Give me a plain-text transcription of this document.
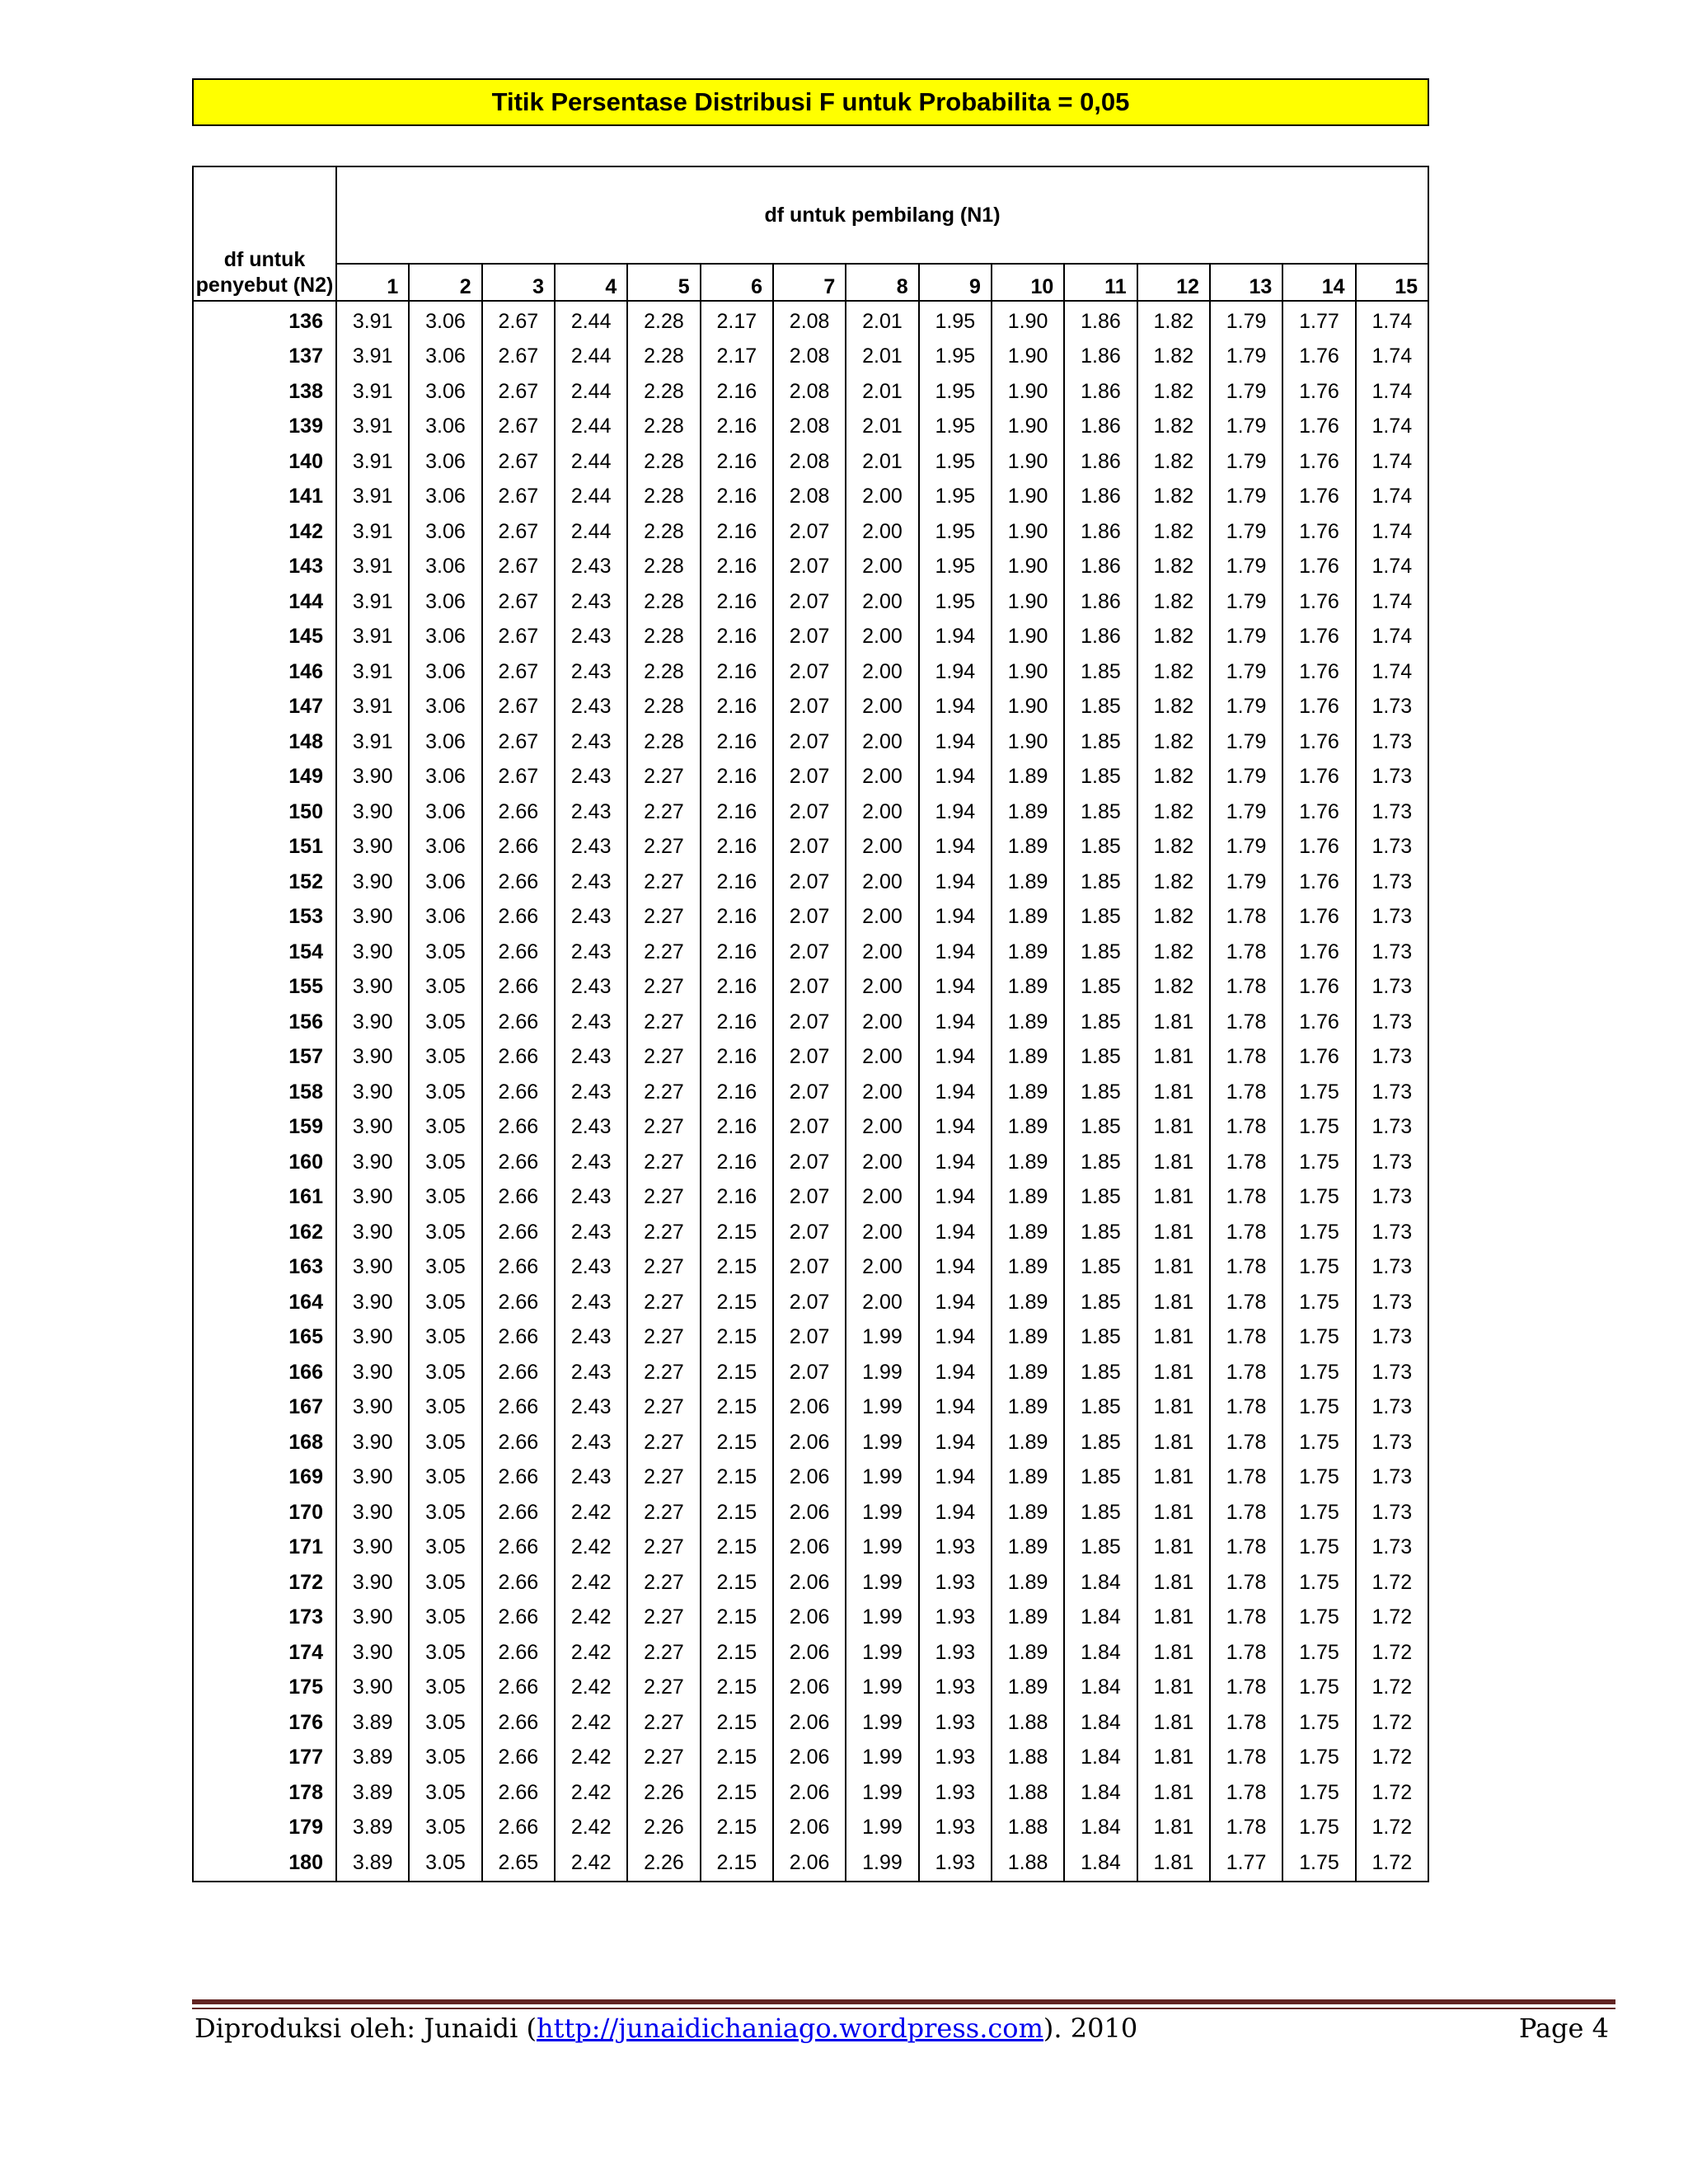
Titik Persentase Distribusi F untuk Probabilita = 0,05
df untuk penyebut (N2)	df untuk pembilang (N1)														
	1	2	3	4	5	6	7	8	9	10	11	12	13	14	15
136	3.91	3.06	2.67	2.44	2.28	2.17	2.08	2.01	1.95	1.90	1.86	1.82	1.79	1.77	1.74
137	3.91	3.06	2.67	2.44	2.28	2.17	2.08	2.01	1.95	1.90	1.86	1.82	1.79	1.76	1.74
138	3.91	3.06	2.67	2.44	2.28	2.16	2.08	2.01	1.95	1.90	1.86	1.82	1.79	1.76	1.74
139	3.91	3.06	2.67	2.44	2.28	2.16	2.08	2.01	1.95	1.90	1.86	1.82	1.79	1.76	1.74
140	3.91	3.06	2.67	2.44	2.28	2.16	2.08	2.01	1.95	1.90	1.86	1.82	1.79	1.76	1.74
141	3.91	3.06	2.67	2.44	2.28	2.16	2.08	2.00	1.95	1.90	1.86	1.82	1.79	1.76	1.74
142	3.91	3.06	2.67	2.44	2.28	2.16	2.07	2.00	1.95	1.90	1.86	1.82	1.79	1.76	1.74
143	3.91	3.06	2.67	2.43	2.28	2.16	2.07	2.00	1.95	1.90	1.86	1.82	1.79	1.76	1.74
144	3.91	3.06	2.67	2.43	2.28	2.16	2.07	2.00	1.95	1.90	1.86	1.82	1.79	1.76	1.74
145	3.91	3.06	2.67	2.43	2.28	2.16	2.07	2.00	1.94	1.90	1.86	1.82	1.79	1.76	1.74
146	3.91	3.06	2.67	2.43	2.28	2.16	2.07	2.00	1.94	1.90	1.85	1.82	1.79	1.76	1.74
147	3.91	3.06	2.67	2.43	2.28	2.16	2.07	2.00	1.94	1.90	1.85	1.82	1.79	1.76	1.73
148	3.91	3.06	2.67	2.43	2.28	2.16	2.07	2.00	1.94	1.90	1.85	1.82	1.79	1.76	1.73
149	3.90	3.06	2.67	2.43	2.27	2.16	2.07	2.00	1.94	1.89	1.85	1.82	1.79	1.76	1.73
150	3.90	3.06	2.66	2.43	2.27	2.16	2.07	2.00	1.94	1.89	1.85	1.82	1.79	1.76	1.73
151	3.90	3.06	2.66	2.43	2.27	2.16	2.07	2.00	1.94	1.89	1.85	1.82	1.79	1.76	1.73
152	3.90	3.06	2.66	2.43	2.27	2.16	2.07	2.00	1.94	1.89	1.85	1.82	1.79	1.76	1.73
153	3.90	3.06	2.66	2.43	2.27	2.16	2.07	2.00	1.94	1.89	1.85	1.82	1.78	1.76	1.73
154	3.90	3.05	2.66	2.43	2.27	2.16	2.07	2.00	1.94	1.89	1.85	1.82	1.78	1.76	1.73
155	3.90	3.05	2.66	2.43	2.27	2.16	2.07	2.00	1.94	1.89	1.85	1.82	1.78	1.76	1.73
156	3.90	3.05	2.66	2.43	2.27	2.16	2.07	2.00	1.94	1.89	1.85	1.81	1.78	1.76	1.73
157	3.90	3.05	2.66	2.43	2.27	2.16	2.07	2.00	1.94	1.89	1.85	1.81	1.78	1.76	1.73
158	3.90	3.05	2.66	2.43	2.27	2.16	2.07	2.00	1.94	1.89	1.85	1.81	1.78	1.75	1.73
159	3.90	3.05	2.66	2.43	2.27	2.16	2.07	2.00	1.94	1.89	1.85	1.81	1.78	1.75	1.73
160	3.90	3.05	2.66	2.43	2.27	2.16	2.07	2.00	1.94	1.89	1.85	1.81	1.78	1.75	1.73
161	3.90	3.05	2.66	2.43	2.27	2.16	2.07	2.00	1.94	1.89	1.85	1.81	1.78	1.75	1.73
162	3.90	3.05	2.66	2.43	2.27	2.15	2.07	2.00	1.94	1.89	1.85	1.81	1.78	1.75	1.73
163	3.90	3.05	2.66	2.43	2.27	2.15	2.07	2.00	1.94	1.89	1.85	1.81	1.78	1.75	1.73
164	3.90	3.05	2.66	2.43	2.27	2.15	2.07	2.00	1.94	1.89	1.85	1.81	1.78	1.75	1.73
165	3.90	3.05	2.66	2.43	2.27	2.15	2.07	1.99	1.94	1.89	1.85	1.81	1.78	1.75	1.73
166	3.90	3.05	2.66	2.43	2.27	2.15	2.07	1.99	1.94	1.89	1.85	1.81	1.78	1.75	1.73
167	3.90	3.05	2.66	2.43	2.27	2.15	2.06	1.99	1.94	1.89	1.85	1.81	1.78	1.75	1.73
168	3.90	3.05	2.66	2.43	2.27	2.15	2.06	1.99	1.94	1.89	1.85	1.81	1.78	1.75	1.73
169	3.90	3.05	2.66	2.43	2.27	2.15	2.06	1.99	1.94	1.89	1.85	1.81	1.78	1.75	1.73
170	3.90	3.05	2.66	2.42	2.27	2.15	2.06	1.99	1.94	1.89	1.85	1.81	1.78	1.75	1.73
171	3.90	3.05	2.66	2.42	2.27	2.15	2.06	1.99	1.93	1.89	1.85	1.81	1.78	1.75	1.73
172	3.90	3.05	2.66	2.42	2.27	2.15	2.06	1.99	1.93	1.89	1.84	1.81	1.78	1.75	1.72
173	3.90	3.05	2.66	2.42	2.27	2.15	2.06	1.99	1.93	1.89	1.84	1.81	1.78	1.75	1.72
174	3.90	3.05	2.66	2.42	2.27	2.15	2.06	1.99	1.93	1.89	1.84	1.81	1.78	1.75	1.72
175	3.90	3.05	2.66	2.42	2.27	2.15	2.06	1.99	1.93	1.89	1.84	1.81	1.78	1.75	1.72
176	3.89	3.05	2.66	2.42	2.27	2.15	2.06	1.99	1.93	1.88	1.84	1.81	1.78	1.75	1.72
177	3.89	3.05	2.66	2.42	2.27	2.15	2.06	1.99	1.93	1.88	1.84	1.81	1.78	1.75	1.72
178	3.89	3.05	2.66	2.42	2.26	2.15	2.06	1.99	1.93	1.88	1.84	1.81	1.78	1.75	1.72
179	3.89	3.05	2.66	2.42	2.26	2.15	2.06	1.99	1.93	1.88	1.84	1.81	1.78	1.75	1.72
180	3.89	3.05	2.65	2.42	2.26	2.15	2.06	1.99	1.93	1.88	1.84	1.81	1.77	1.75	1.72
Diproduksi oleh: Junaidi (http://junaidichaniago.wordpress.com). 2010	Page 4
